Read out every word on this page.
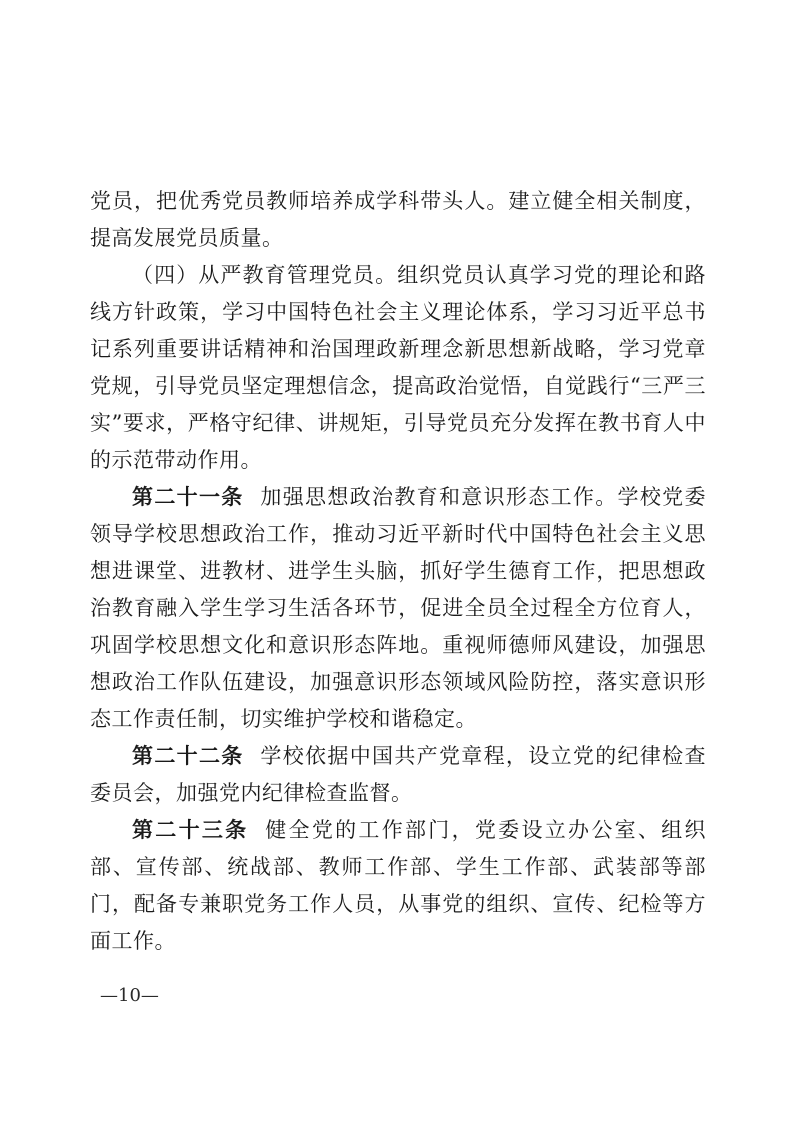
党员，把优秀党员教师培养成学科带头人。建立健全相关制度，提高发展党员质量。

（四）从严教育管理党员。组织党员认真学习党的理论和路线方针政策，学习中国特色社会主义理论体系，学习习近平总书记系列重要讲话精神和治国理政新理念新思想新战略，学习党章党规，引导党员坚定理想信念，提高政治觉悟，自觉践行“三严三实”要求，严格守纪律、讲规矩，引导党员充分发挥在教书育人中的示范带动作用。

第二十一条 加强思想政治教育和意识形态工作。学校党委领导学校思想政治工作，推动习近平新时代中国特色社会主义思想进课堂、进教材、进学生头脑，抓好学生德育工作，把思想政治教育融入学生学习生活各环节，促进全员全过程全方位育人，巩固学校思想文化和意识形态阵地。重视师德师风建设，加强思想政治工作队伍建设，加强意识形态领域风险防控，落实意识形态工作责任制，切实维护学校和谐稳定。

第二十二条 学校依据中国共产党章程，设立党的纪律检查委员会，加强党内纪律检查监督。

第二十三条 健全党的工作部门，党委设立办公室、组织部、宣传部、统战部、教师工作部、学生工作部、武装部等部门，配备专兼职党务工作人员，从事党的组织、宣传、纪检等方面工作。

—10—
